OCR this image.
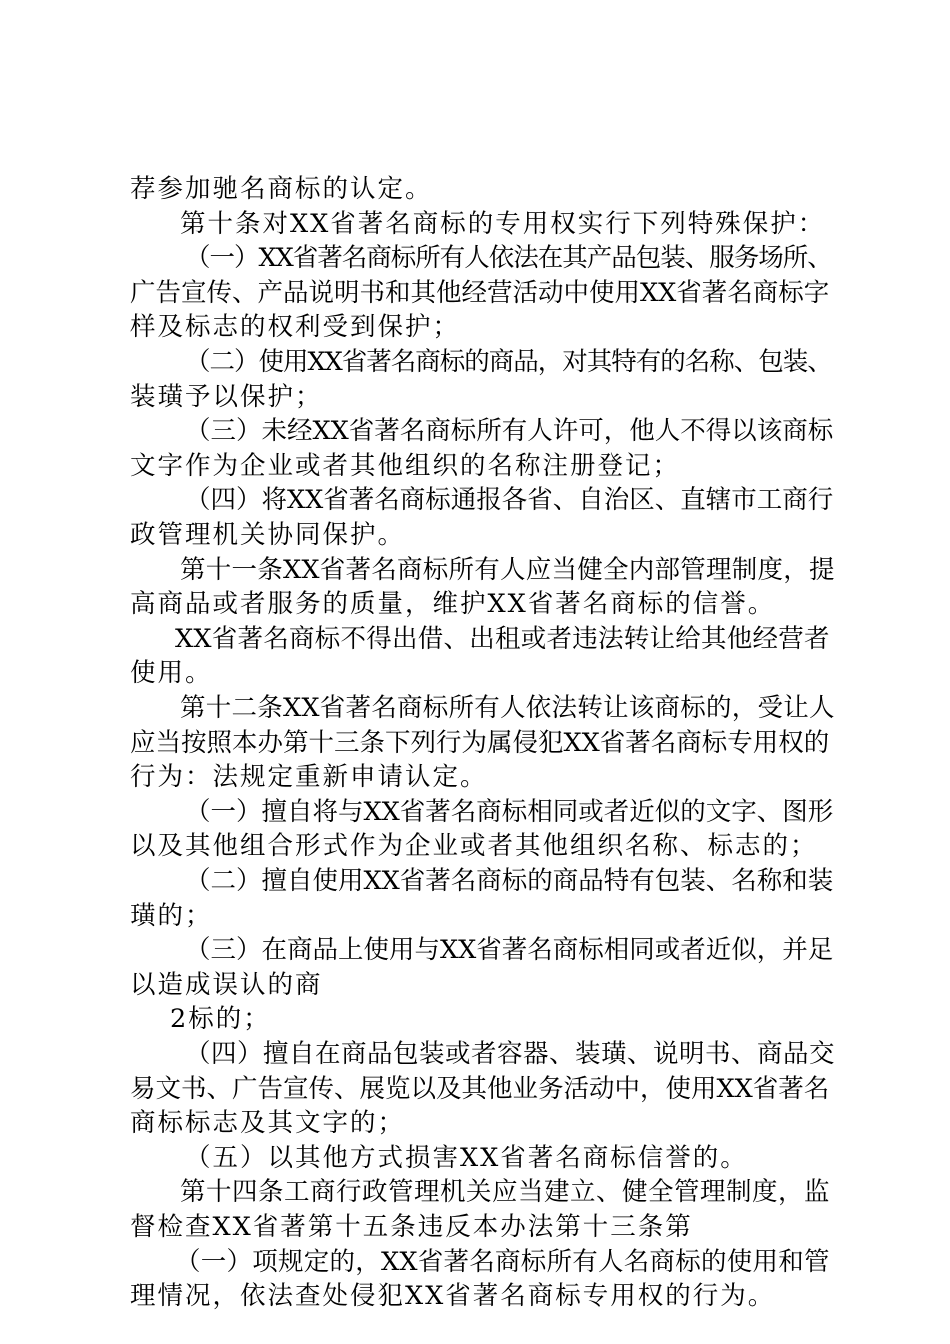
荐参加驰名商标的认定。
第十条对XX省著名商标的专用权实行下列特殊保护：
（一）XX省著名商标所有人依法在其产品包装、服务场所、
广告宣传、产品说明书和其他经营活动中使用XX省著名商标字
样及标志的权利受到保护；
（二）使用XX省著名商标的商品，对其特有的名称、包装、
装璜予以保护；
（三）未经XX省著名商标所有人许可，他人不得以该商标
文字作为企业或者其他组织的名称注册登记；
（四）将XX省著名商标通报各省、自治区、直辖市工商行
政管理机关协同保护。
第十一条XX省著名商标所有人应当健全内部管理制度，提
高商品或者服务的质量，维护XX省著名商标的信誉。
XX省著名商标不得出借、出租或者违法转让给其他经营者
使用。
第十二条XX省著名商标所有人依法转让该商标的，受让人
应当按照本办第十三条下列行为属侵犯XX省著名商标专用权的
行为：法规定重新申请认定。
（一）擅自将与XX省著名商标相同或者近似的文字、图形
以及其他组合形式作为企业或者其他组织名称、标志的；
（二）擅自使用XX省著名商标的商品特有包装、名称和装
璜的；
（三）在商品上使用与XX省著名商标相同或者近似，并足
以造成误认的商
2标的；
（四）擅自在商品包装或者容器、装璜、说明书、商品交
易文书、广告宣传、展览以及其他业务活动中，使用XX省著名
商标标志及其文字的；
（五）以其他方式损害XX省著名商标信誉的。
第十四条工商行政管理机关应当建立、健全管理制度，监
督检查XX省著第十五条违反本办法第十三条第
（一）项规定的，XX省著名商标所有人名商标的使用和管
理情况，依法查处侵犯XX省著名商标专用权的行为。
